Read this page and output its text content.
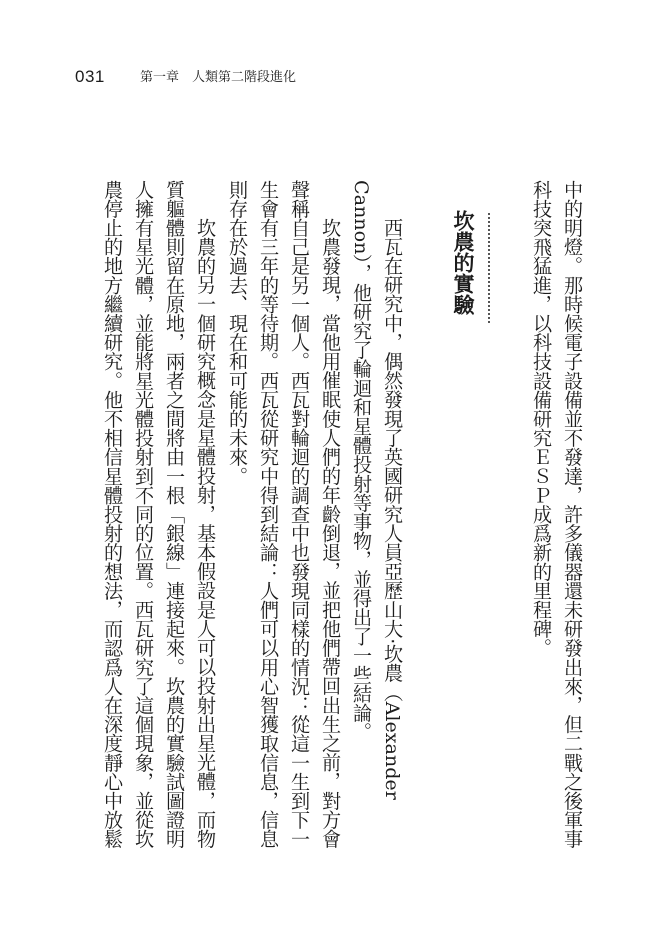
031	第一章　人類第二階段進化
中的明燈。那時候電子設備並不發達，許多儀器還未研發出來，但二戰之後軍事
科技突飛猛進，以科技設備研究ＥＳＰ成爲新的里程碑。
坎農的實驗
西瓦在研究中，偶然發現了英國研究人員亞歷山大‧坎農（Alexander
Cannon），他研究了輪迴和星體投射等事物，並得出了一些結論。
坎農發現，當他用催眠使人們的年齡倒退，並把他們帶回出生之前，對方會
聲稱自己是另一個人。西瓦對輪迴的調查中也發現同樣的情況：從這一生到下一
生會有三年的等待期。西瓦從研究中得到結論：人們可以用心智獲取信息，信息
則存在於過去、現在和可能的未來。
坎農的另一個研究概念是星體投射，基本假設是人可以投射出星光體，而物
質軀體則留在原地，兩者之間將由一根「銀線」連接起來。坎農的實驗試圖證明
人擁有星光體，並能將星光體投射到不同的位置。西瓦研究了這個現象，並從坎
農停止的地方繼續研究。他不相信星體投射的想法，而認爲人在深度靜心中放鬆
